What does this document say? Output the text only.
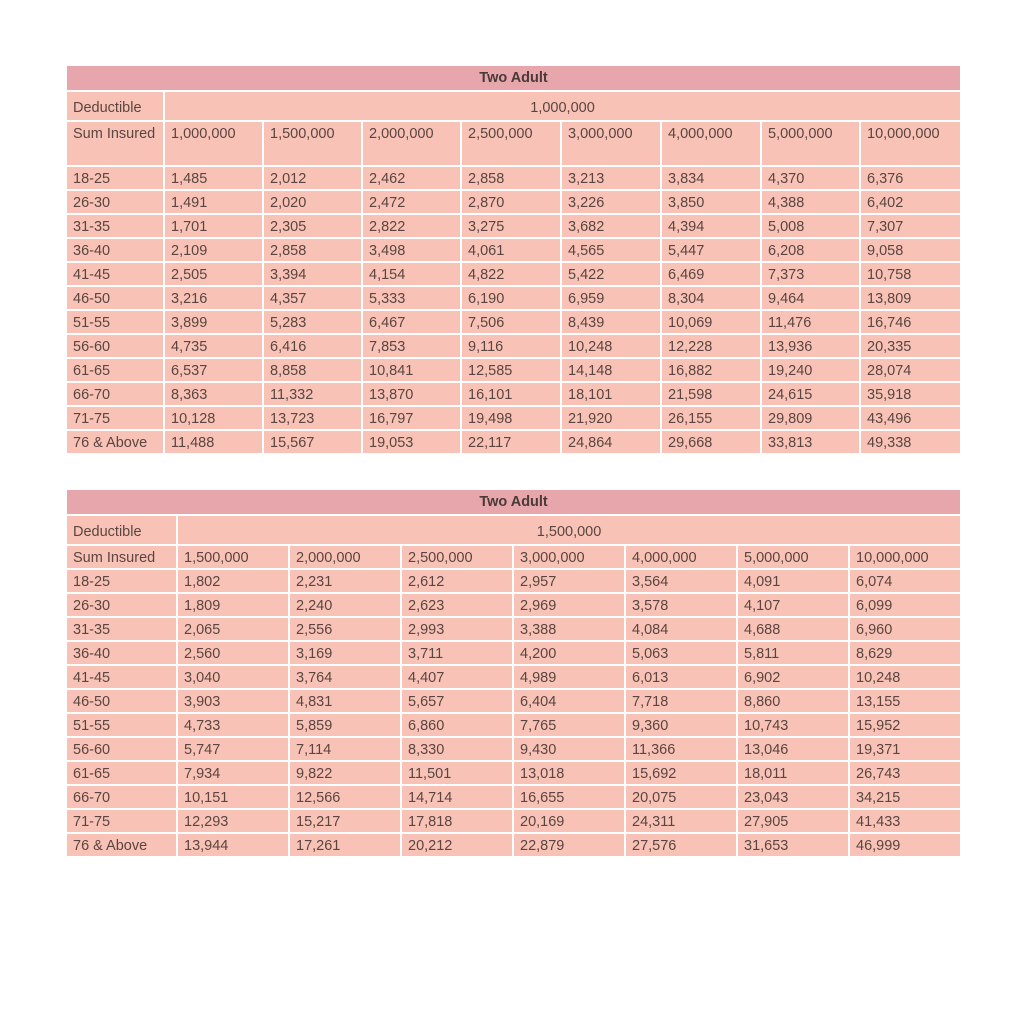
Two Adult								
Deductible	1,000,000							
Sum Insured	1,000,000	1,500,000	2,000,000	2,500,000	3,000,000	4,000,000	5,000,000	10,000,000
18-25	1,485	2,012	2,462	2,858	3,213	3,834	4,370	6,376
26-30	1,491	2,020	2,472	2,870	3,226	3,850	4,388	6,402
31-35	1,701	2,305	2,822	3,275	3,682	4,394	5,008	7,307
36-40	2,109	2,858	3,498	4,061	4,565	5,447	6,208	9,058
41-45	2,505	3,394	4,154	4,822	5,422	6,469	7,373	10,758
46-50	3,216	4,357	5,333	6,190	6,959	8,304	9,464	13,809
51-55	3,899	5,283	6,467	7,506	8,439	10,069	11,476	16,746
56-60	4,735	6,416	7,853	9,116	10,248	12,228	13,936	20,335
61-65	6,537	8,858	10,841	12,585	14,148	16,882	19,240	28,074
66-70	8,363	11,332	13,870	16,101	18,101	21,598	24,615	35,918
71-75	10,128	13,723	16,797	19,498	21,920	26,155	29,809	43,496
76 & Above	11,488	15,567	19,053	22,117	24,864	29,668	33,813	49,338
Two Adult							
Deductible	1,500,000						
Sum Insured	1,500,000	2,000,000	2,500,000	3,000,000	4,000,000	5,000,000	10,000,000
18-25	1,802	2,231	2,612	2,957	3,564	4,091	6,074
26-30	1,809	2,240	2,623	2,969	3,578	4,107	6,099
31-35	2,065	2,556	2,993	3,388	4,084	4,688	6,960
36-40	2,560	3,169	3,711	4,200	5,063	5,811	8,629
41-45	3,040	3,764	4,407	4,989	6,013	6,902	10,248
46-50	3,903	4,831	5,657	6,404	7,718	8,860	13,155
51-55	4,733	5,859	6,860	7,765	9,360	10,743	15,952
56-60	5,747	7,114	8,330	9,430	11,366	13,046	19,371
61-65	7,934	9,822	11,501	13,018	15,692	18,011	26,743
66-70	10,151	12,566	14,714	16,655	20,075	23,043	34,215
71-75	12,293	15,217	17,818	20,169	24,311	27,905	41,433
76 & Above	13,944	17,261	20,212	22,879	27,576	31,653	46,999
